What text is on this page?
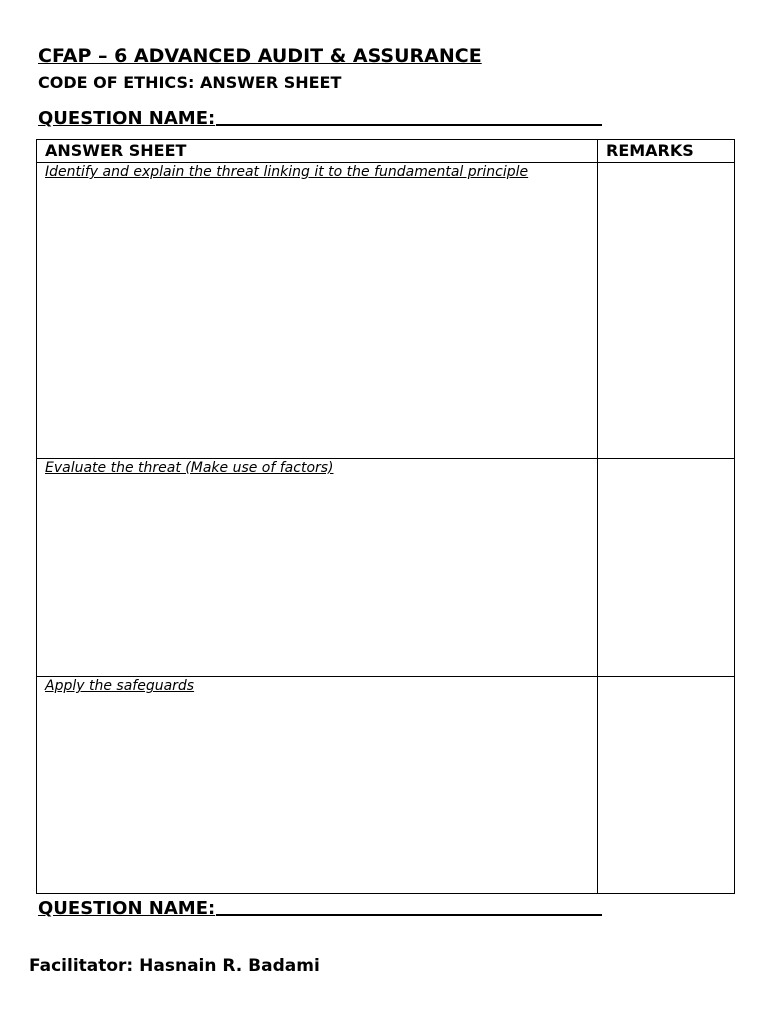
CFAP – 6 ADVANCED AUDIT & ASSURANCE

CODE OF ETHICS: ANSWER SHEET

QUESTION NAME:
ANSWER SHEET	REMARKS

Identify and explain the threat linking it to the fundamental principle	

Evaluate the threat (Make use of factors)	

Apply the safeguards	

QUESTION NAME:

Facilitator: Hasnain R. Badami
